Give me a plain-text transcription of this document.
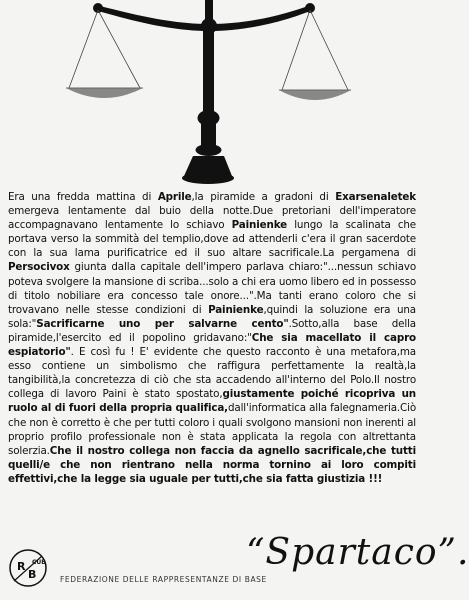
Era una fredda mattina di Aprile,la piramide a gradoni di Exarsenaletek emergeva lentamente dal buio della notte.Due pretoriani dell'imperatore accompagnavano lentamente lo schiavo Painienke lungo la scalinata che portava verso la sommità del templio,dove ad attenderli c'era il gran sacerdote con la sua lama purificatrice ed il suo altare sacrificale.La pergamena di Persocivox giunta dalla capitale dell'impero parlava chiaro:"...nessun schiavo poteva svolgere la mansione di scriba...solo a chi era uomo libero ed in possesso di titolo nobiliare era concesso tale onore...".Ma tanti erano coloro che si trovavano nelle stesse condizioni di Painienke,quindi la soluzione era una sola:"Sacrificarne uno per salvarne cento".Sotto,alla base della piramide,l'esercito ed il popolino gridavano:"Che sia macellato il capro espiatorio". E così fu ! E' evidente che questo racconto è una metafora,ma esso contiene un simbolismo che raffigura perfettamente la realtà,la tangibilità,la concretezza di ciò che sta accadendo all'interno del Polo.Il nostro collega di lavoro Paini è stato spostato,giustamente poiché ricopriva un ruolo al di fuori della propria qualifica,dall'informatica alla falegnameria.Ciò che non è corretto è che per tutti coloro i quali svolgono mansioni non inerenti al proprio profilo professionale non è stata applicata la regola con altrettanta solerzia.Che il nostro collega non faccia da agnello sacrificale,che tutti quelli/e che non rientrano nella norma tornino ai loro compiti effettivi,che la legge sia uguale per tutti,che sia fatta giustizia !!!

R
B
CUB
FEDERAZIONE DELLE RAPPRESENTANZE DI BASE
“Spartaco”.
